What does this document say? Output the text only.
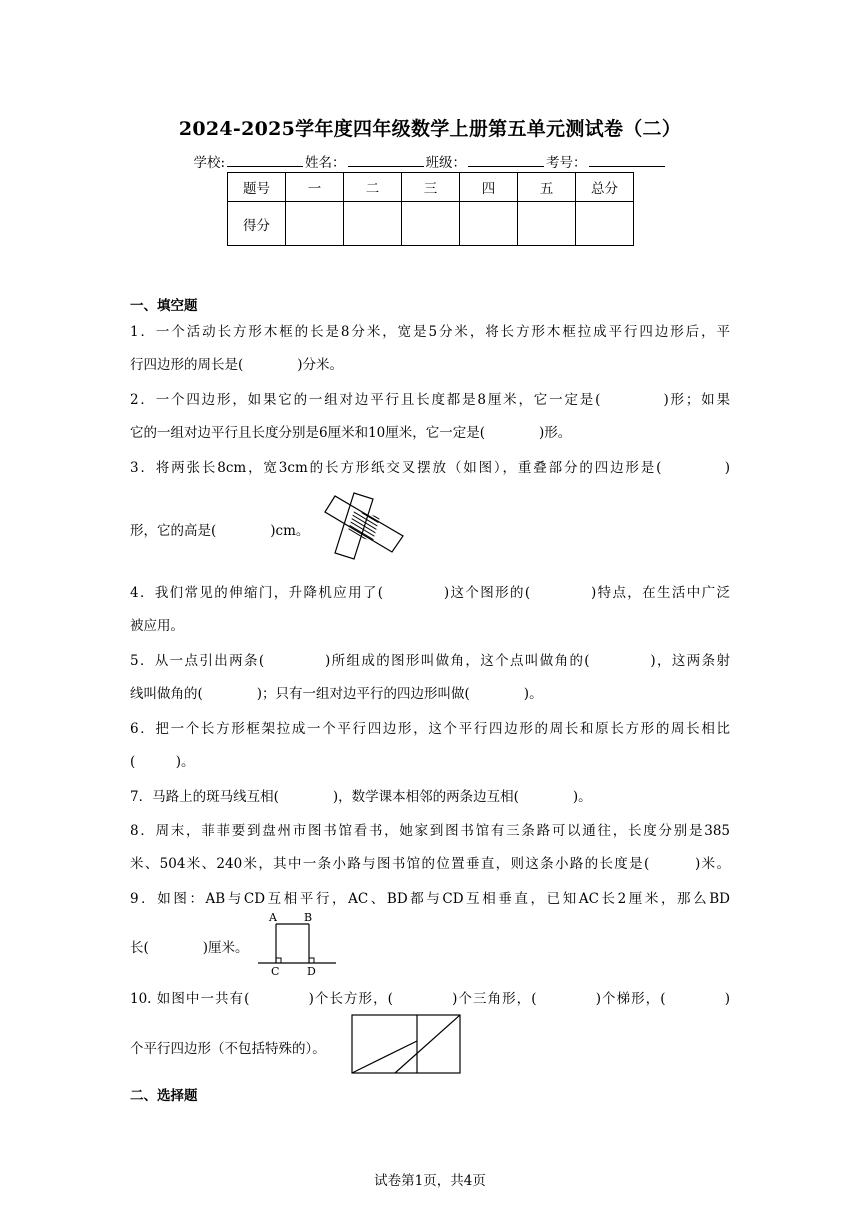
2024-2025学年度四年级数学上册第五单元测试卷（二）
学校:	姓名：	班级：	考号：
题号	一	二	三	四	五	总分
得分						
一、填空题
1．一个活动长方形木框的长是8分米，宽是5分米，将长方形木框拉成平行四边形后，平
行四边形的周长是(　　　　)分米。
2．一个四边形，如果它的一组对边平行且长度都是8厘米，它一定是(　　　　)形；如果
它的一组对边平行且长度分别是6厘米和10厘米，它一定是(　　　　)形。
3．将两张长8cm，宽3cm的长方形纸交叉摆放（如图），重叠部分的四边形是(　　　　)
形，它的高是(　　　　)cm。
4．我们常见的伸缩门，升降机应用了(　　　　)这个图形的(　　　　)特点，在生活中广泛
被应用。
5．从一点引出两条(　　　　)所组成的图形叫做角，这个点叫做角的(　　　　)，这两条射
线叫做角的(　　　　)；只有一组对边平行的四边形叫做(　　　　)。
6．把一个长方形框架拉成一个平行四边形，这个平行四边形的周长和原长方形的周长相比
(　　　)。
7．马路上的斑马线互相(　　　　)，数学课本相邻的两条边互相(　　　　)。
8．周末，菲菲要到盘州市图书馆看书，她家到图书馆有三条路可以通往，长度分别是385
米、504米、240米，其中一条小路与图书馆的位置垂直，则这条小路的长度是(　　　)米。
9．如图：AB与CD互相平行，AC、BD都与CD互相垂直，已知AC长2厘米，那么BD
长(　　　　)厘米。
A B
C	D
10. 如图中一共有(　　　　)个长方形，(　　　　)个三角形，(　　　　)个梯形，(　　　　)
个平行四边形（不包括特殊的）。
二、选择题
试卷第1页，共4页
